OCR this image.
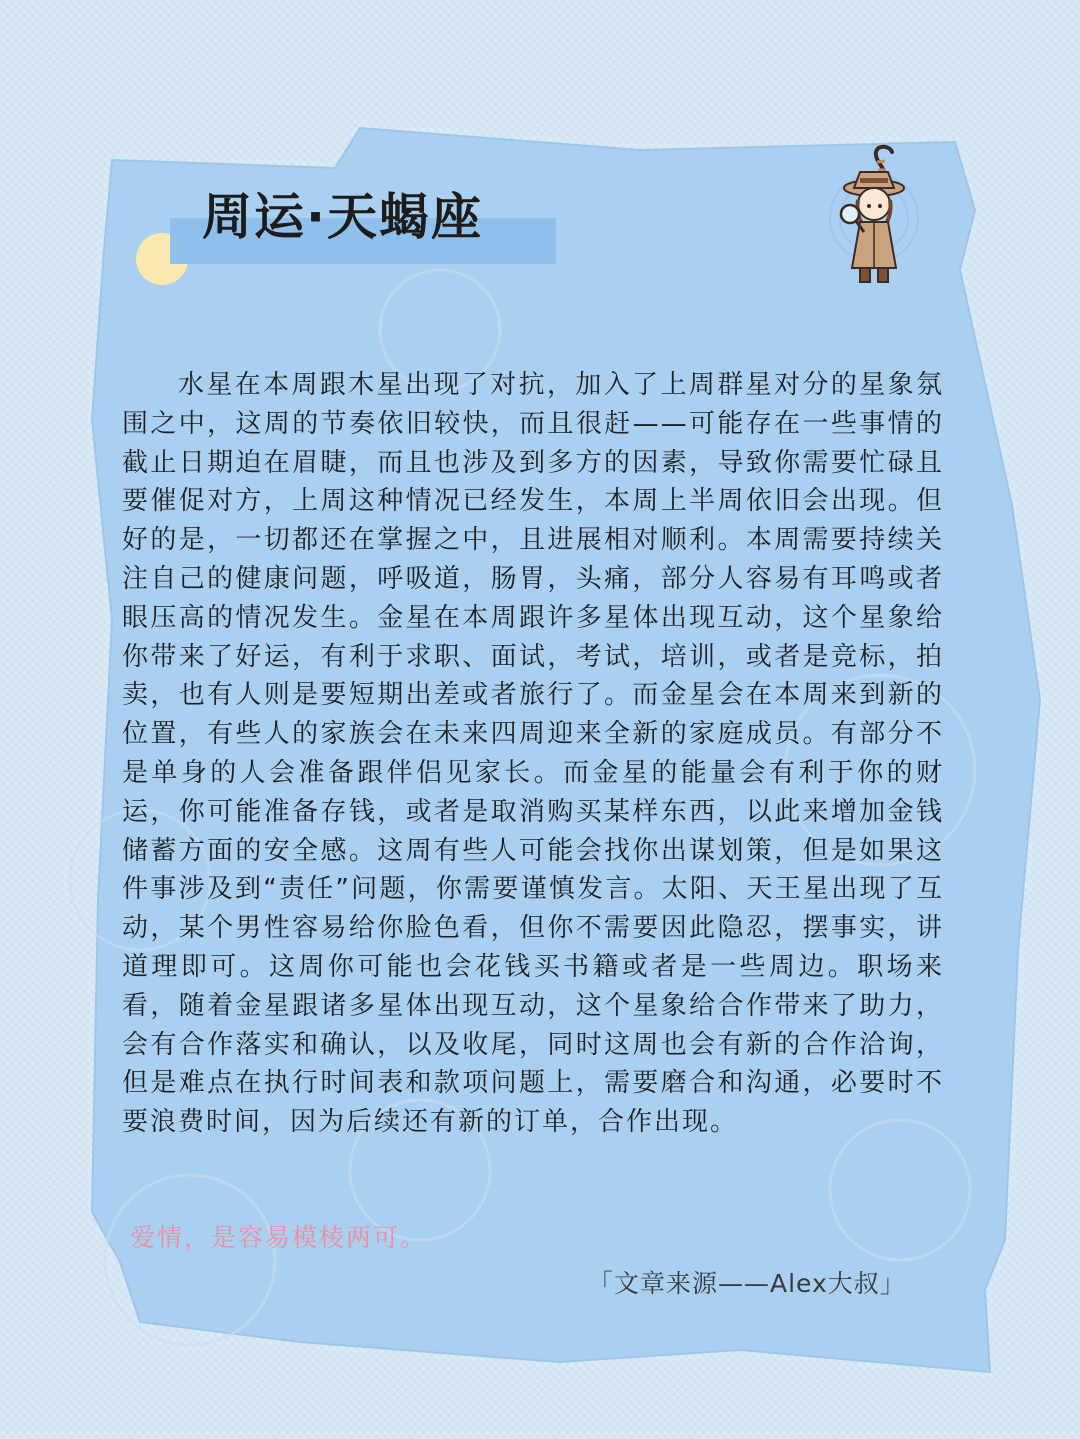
周运·天蝎座

水星在本周跟木星出现了对抗，加入了上周群星对分的星象氛围之中，这周的节奏依旧较快，而且很赶——可能存在一些事情的截止日期迫在眉睫，而且也涉及到多方的因素，导致你需要忙碌且要催促对方，上周这种情况已经发生，本周上半周依旧会出现。但好的是，一切都还在掌握之中，且进展相对顺利。本周需要持续关注自己的健康问题，呼吸道，肠胃，头痛，部分人容易有耳鸣或者眼压高的情况发生。金星在本周跟许多星体出现互动，这个星象给你带来了好运，有利于求职、面试，考试，培训，或者是竞标，拍卖，也有人则是要短期出差或者旅行了。而金星会在本周来到新的位置，有些人的家族会在未来四周迎来全新的家庭成员。有部分不是单身的人会准备跟伴侣见家长。而金星的能量会有利于你的财运，你可能准备存钱，或者是取消购买某样东西，以此来增加金钱储蓄方面的安全感。这周有些人可能会找你出谋划策，但是如果这件事涉及到“责任”问题，你需要谨慎发言。太阳、天王星出现了互动，某个男性容易给你脸色看，但你不需要因此隐忍，摆事实，讲道理即可。这周你可能也会花钱买书籍或者是一些周边。职场来看，随着金星跟诸多星体出现互动，这个星象给合作带来了助力，会有合作落实和确认，以及收尾，同时这周也会有新的合作洽询，但是难点在执行时间表和款项问题上，需要磨合和沟通，必要时不要浪费时间，因为后续还有新的订单，合作出现。

爱情，是容易模棱两可。

「文章来源——Alex大叔」
